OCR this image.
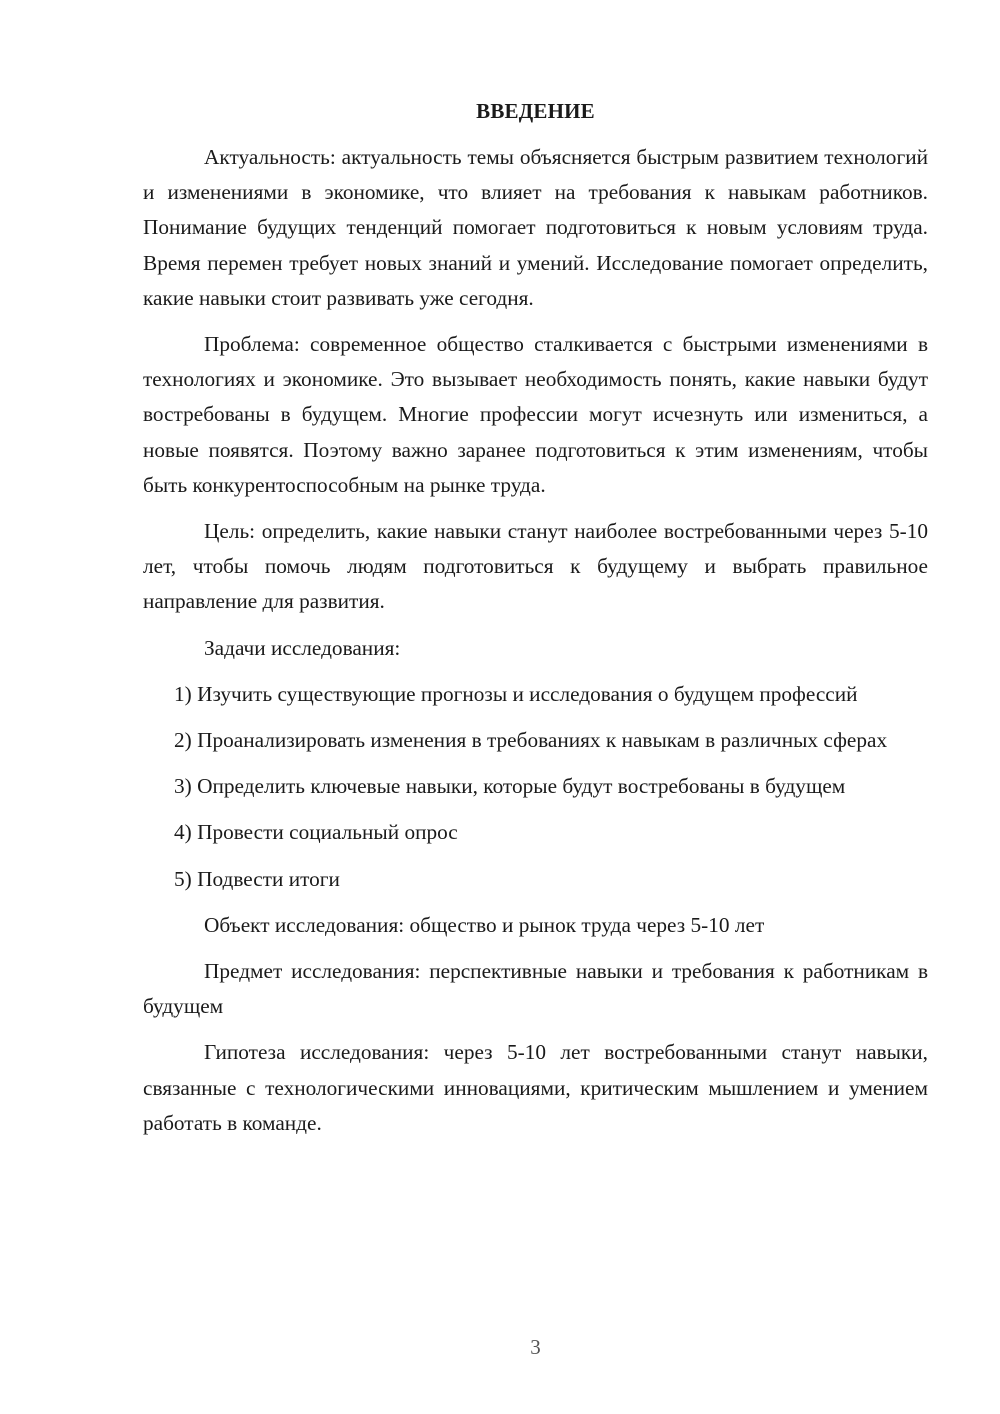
ВВЕДЕНИЕ

Актуальность: актуальность темы объясняется быстрым развитием технологий и изменениями в экономике, что влияет на требования к навыкам работников. Понимание будущих тенденций помогает подготовиться к новым условиям труда. Время перемен требует новых знаний и умений. Исследование помогает определить, какие навыки стоит развивать уже сегодня.

Проблема: современное общество сталкивается с быстрыми изменениями в технологиях и экономике. Это вызывает необходимость понять, какие навыки будут востребованы в будущем. Многие профессии могут исчезнуть или измениться, а новые появятся. Поэтому важно заранее подготовиться к этим изменениям, чтобы быть конкурентоспособным на рынке труда.

Цель: определить, какие навыки станут наиболее востребованными через 5-10 лет, чтобы помочь людям подготовиться к будущему и выбрать правильное направление для развития.

Задачи исследования:

1) Изучить существующие прогнозы и исследования о будущем профессий

2) Проанализировать изменения в требованиях к навыкам в различных сферах

3) Определить ключевые навыки, которые будут востребованы в будущем

4) Провести социальный опрос

5) Подвести итоги

Объект исследования: общество и рынок труда через 5-10 лет

Предмет исследования: перспективные навыки и требования к работникам в будущем

Гипотеза исследования: через 5-10 лет востребованными станут навыки, связанные с технологическими инновациями, критическим мышлением и умением работать в команде.

3
